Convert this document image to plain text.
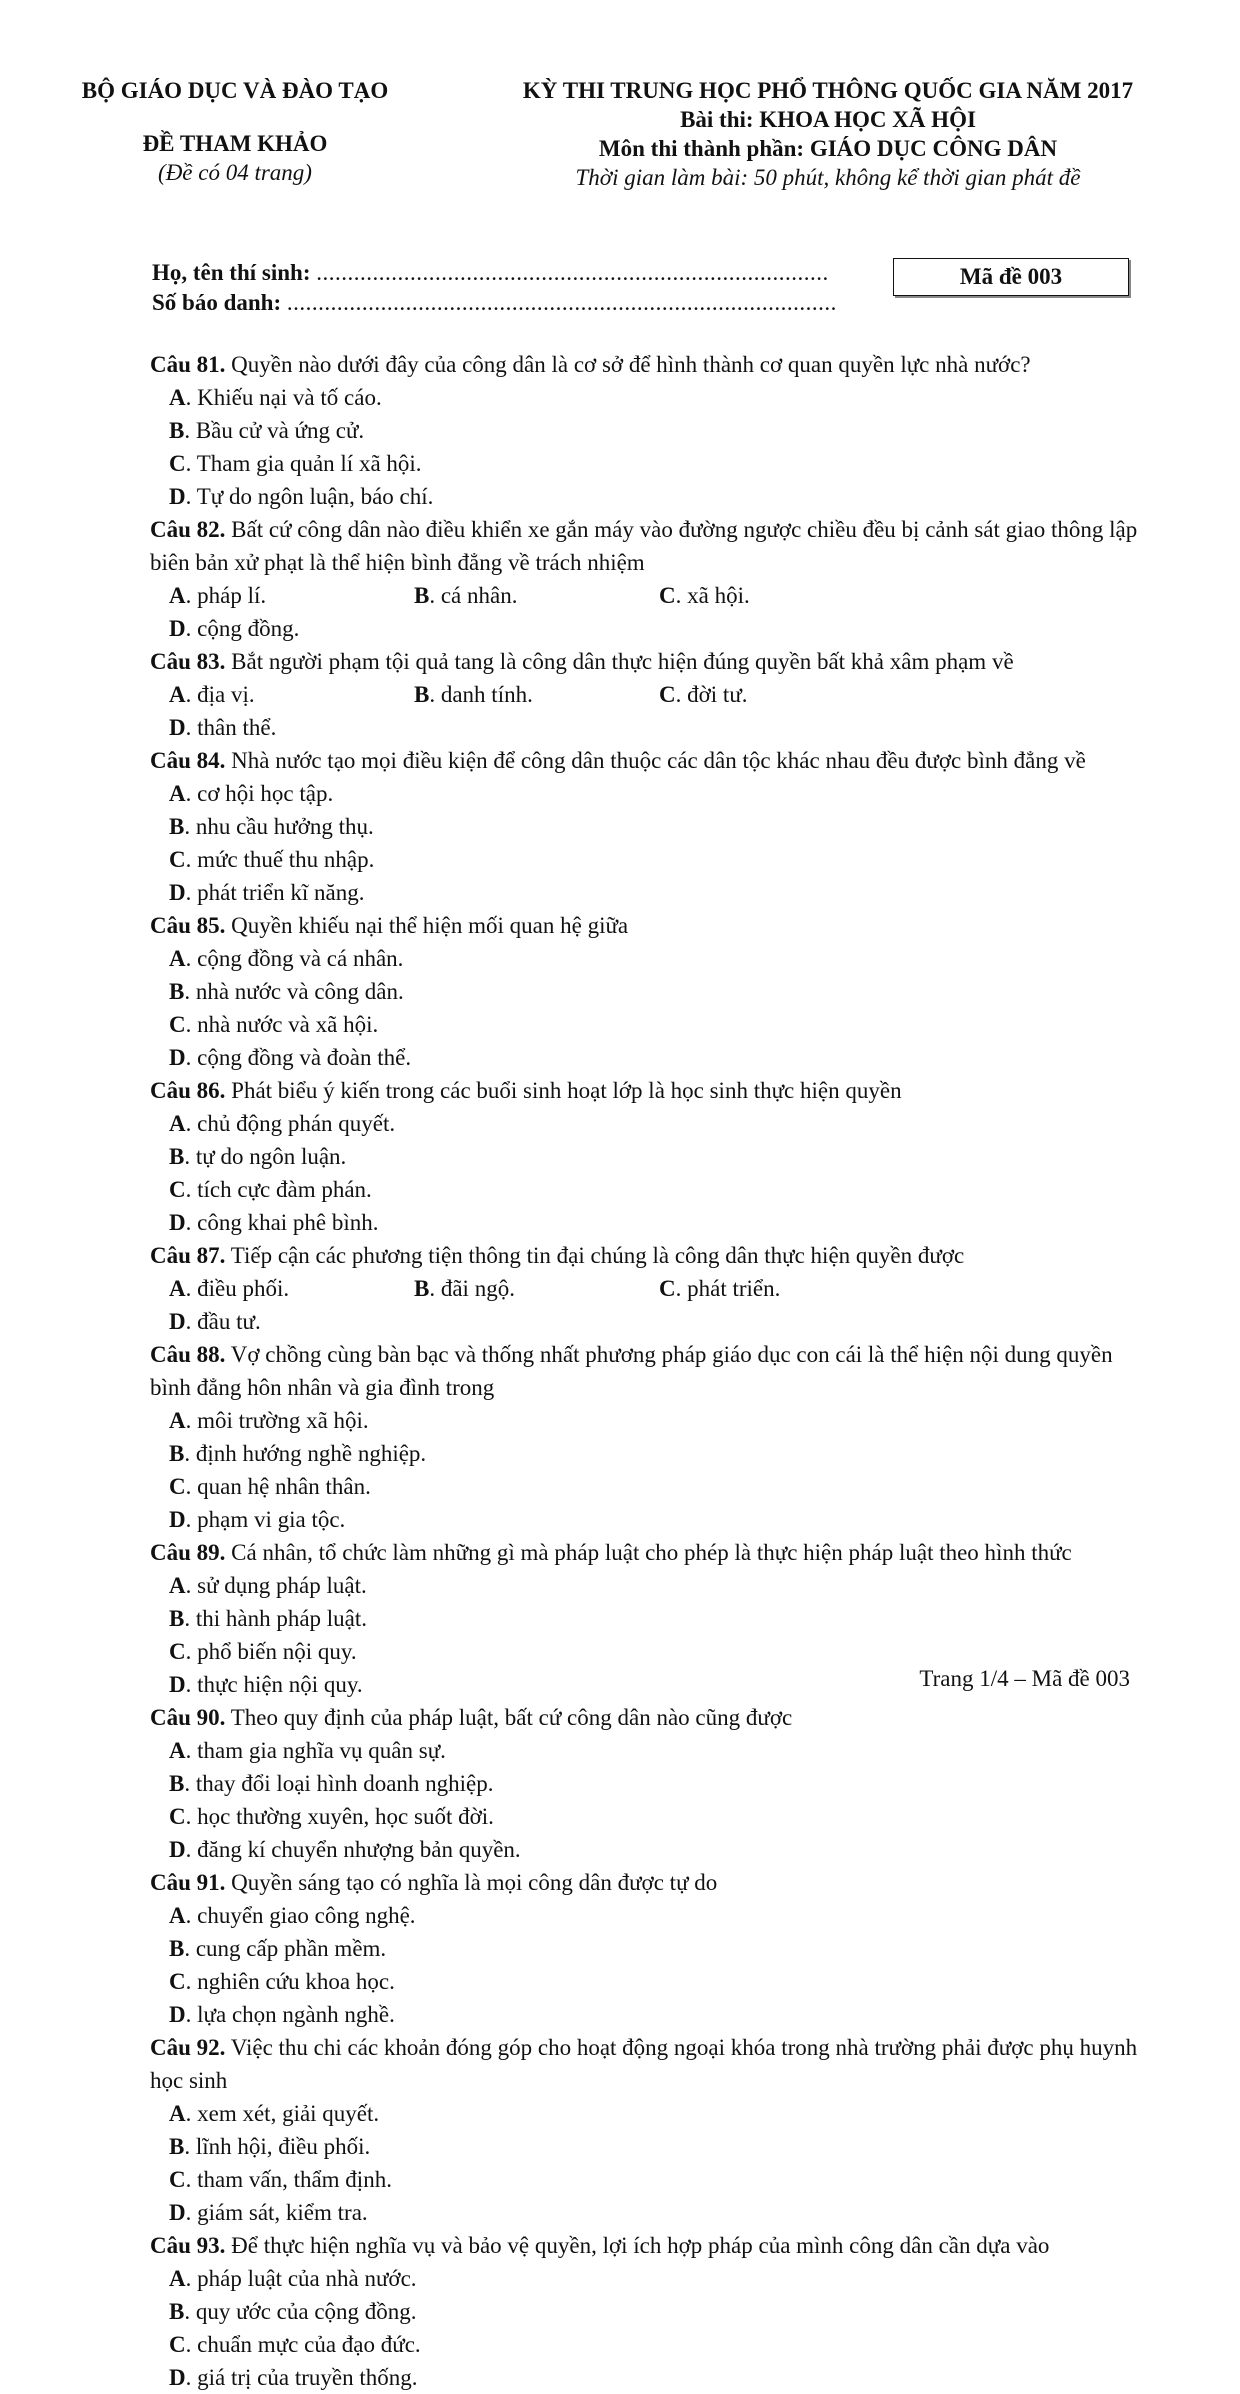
BỘ GIÁO DỤC VÀ ĐÀO TẠO
ĐỀ THAM KHẢO
(Đề có 04 trang)
KỲ THI TRUNG HỌC PHỔ THÔNG QUỐC GIA NĂM 2017
Bài thi: KHOA HỌC XÃ HỘI
Môn thi thành phần: GIÁO DỤC CÔNG DÂN
Thời gian làm bài: 50 phút, không kể thời gian phát đề
Họ, tên thí sinh: ..................................................................................
Số báo danh: ........................................................................................
Mã đề 003
Câu 81. Quyền nào dưới đây của công dân là cơ sở để hình thành cơ quan quyền lực nhà nước?
A. Khiếu nại và tố cáo.
B. Bầu cử và ứng cử.
C. Tham gia quản lí xã hội.
D. Tự do ngôn luận, báo chí.
Câu 82. Bất cứ công dân nào điều khiển xe gắn máy vào đường ngược chiều đều bị cảnh sát giao thông lập biên bản xử phạt là thể hiện bình đẳng về trách nhiệm
A. pháp lí.	B. cá nhân.	C. xã hội.
D. cộng đồng.
Câu 83. Bắt người phạm tội quả tang là công dân thực hiện đúng quyền bất khả xâm phạm về
A. địa vị.	B. danh tính.	C. đời tư.
D. thân thể.
Câu 84. Nhà nước tạo mọi điều kiện để công dân thuộc các dân tộc khác nhau đều được bình đẳng về
A. cơ hội học tập.
B. nhu cầu hưởng thụ.
C. mức thuế thu nhập.
D. phát triển kĩ năng.
Câu 85. Quyền khiếu nại thể hiện mối quan hệ giữa
A. cộng đồng và cá nhân.
B. nhà nước và công dân.
C. nhà nước và xã hội.
D. cộng đồng và đoàn thể.
Câu 86. Phát biểu ý kiến trong các buổi sinh hoạt lớp là học sinh thực hiện quyền
A. chủ động phán quyết.
B. tự do ngôn luận.
C. tích cực đàm phán.
D. công khai phê bình.
Câu 87. Tiếp cận các phương tiện thông tin đại chúng là công dân thực hiện quyền được
A. điều phối.	B. đãi ngộ.	C. phát triển.
D. đầu tư.
Câu 88. Vợ chồng cùng bàn bạc và thống nhất phương pháp giáo dục con cái là thể hiện nội dung quyền bình đẳng hôn nhân và gia đình trong
A. môi trường xã hội.
B. định hướng nghề nghiệp.
C. quan hệ nhân thân.
D. phạm vi gia tộc.
Câu 89. Cá nhân, tổ chức làm những gì mà pháp luật cho phép là thực hiện pháp luật theo hình thức
A. sử dụng pháp luật.
B. thi hành pháp luật.
C. phổ biến nội quy.
D. thực hiện nội quy.
Câu 90. Theo quy định của pháp luật, bất cứ công dân nào cũng được
A. tham gia nghĩa vụ quân sự.
B. thay đổi loại hình doanh nghiệp.
C. học thường xuyên, học suốt đời.
D. đăng kí chuyển nhượng bản quyền.
Câu 91. Quyền sáng tạo có nghĩa là mọi công dân được tự do
A. chuyển giao công nghệ.
B. cung cấp phần mềm.
C. nghiên cứu khoa học.
D. lựa chọn ngành nghề.
Câu 92. Việc thu chi các khoản đóng góp cho hoạt động ngoại khóa trong nhà trường phải được phụ huynh học sinh
A. xem xét, giải quyết.
B. lĩnh hội, điều phối.
C. tham vấn, thẩm định.
D. giám sát, kiểm tra.
Câu 93. Để thực hiện nghĩa vụ và bảo vệ quyền, lợi ích hợp pháp của mình công dân cần dựa vào
A. pháp luật của nhà nước.
B. quy ước của cộng đồng.
C. chuẩn mực của đạo đức.
D. giá trị của truyền thống.
Trang 1/4 – Mã đề 003
